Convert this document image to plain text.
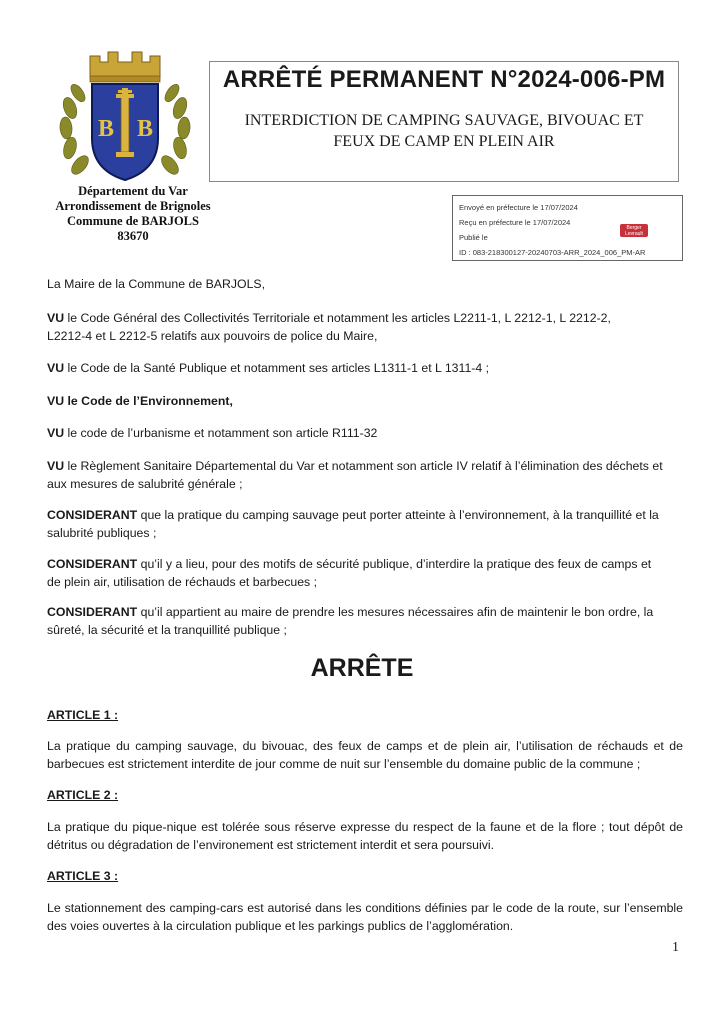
B B
Département du Var
Arrondissement de Brignoles
Commune de BARJOLS
83670
ARRÊTÉ PERMANENT N°2024-006-PM
INTERDICTION DE CAMPING SAUVAGE, BIVOUAC ET
FEUX DE CAMP EN PLEIN AIR
Envoyé en préfecture le 17/07/2024
Reçu en préfecture le 17/07/2024
Publié le
ID : 083-218300127-20240703-ARR_2024_006_PM-AR
Berger
Levrault

La Maire de la Commune de BARJOLS,

VU le Code Général des Collectivités Territoriale et notamment les articles L2211-1, L 2212-1, L 2212-2,
L2212-4 et L 2212-5 relatifs aux pouvoirs de police du Maire,

VU le Code de la Santé Publique et notamment ses articles L1311-1 et L 1311-4 ;

VU le Code de l’Environnement,

VU le code de l’urbanisme et notamment son article R111-32

VU le Règlement Sanitaire Départemental du Var et notamment son article IV relatif à l’élimination des déchets et
aux mesures de salubrité générale ;

CONSIDERANT que la pratique du camping sauvage peut porter atteinte à l’environnement, à la tranquillité et la
salubrité publiques ;

CONSIDERANT qu’il y a lieu, pour des motifs de sécurité publique, d’interdire la pratique des feux de camps et
de plein air, utilisation de réchauds et barbecues ;

CONSIDERANT qu’il appartient au maire de prendre les mesures nécessaires afin de maintenir le bon ordre, la
sûreté, la sécurité et la tranquillité publique ;

ARRÊTE
ARTICLE 1 :

La pratique du camping sauvage, du bivouac, des feux de camps et de plein air, l’utilisation de réchauds et de barbecues est strictement interdite de jour comme de nuit sur l’ensemble du domaine public de la commune ;

ARTICLE 2 :

La pratique du pique-nique est tolérée sous réserve expresse du respect de la faune et de la flore ; tout dépôt de détritus ou dégradation de l’environement est strictement interdit et sera poursuivi.

ARTICLE 3 :

Le stationnement des camping-cars est autorisé dans les conditions définies par le code de la route, sur l’ensemble des voies ouvertes à la circulation publique et les parkings publics de l’agglomération.

1
